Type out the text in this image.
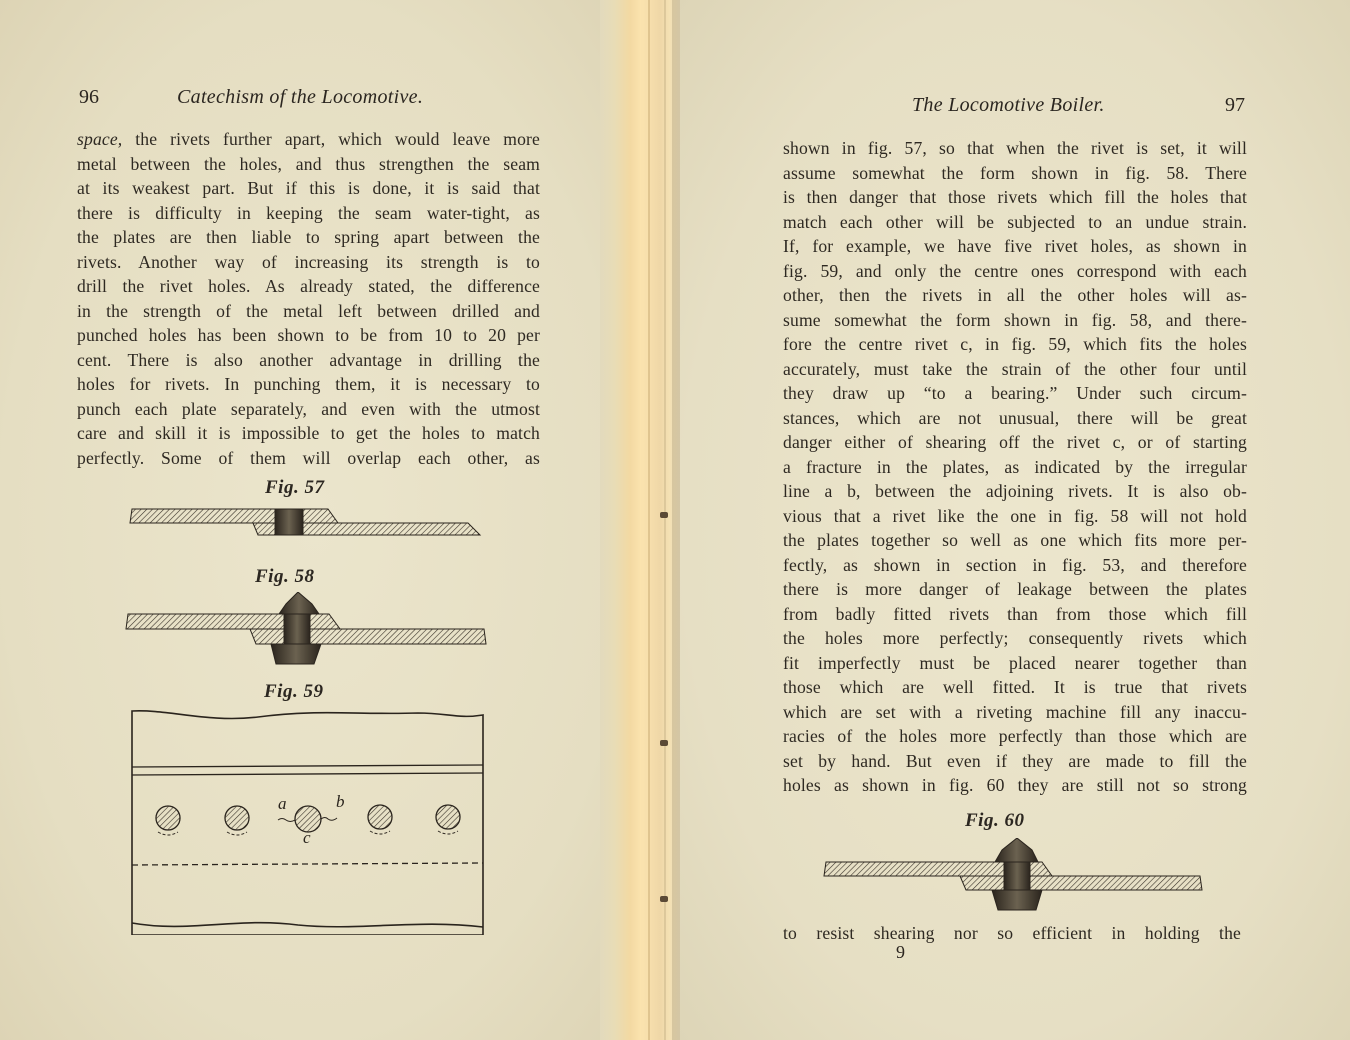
96	Catechism of the Locomotive.
space, the rivets further apart, which would leave more
metal between the holes, and thus strengthen the seam
at its weakest part. But if this is done, it is said that
there is difficulty in keeping the seam water-tight, as
the plates are then liable to spring apart between the
rivets. Another way of increasing its strength is to
drill the rivet holes. As already stated, the difference
in the strength of the metal left between drilled and
punched holes has been shown to be from 10 to 20 per
cent. There is also another advantage in drilling the
holes for rivets. In punching them, it is necessary to
punch each plate separately, and even with the utmost
care and skill it is impossible to get the holes to match
perfectly. Some of them will overlap each other, as
Fig. 57
Fig. 58
Fig. 59
a	b
c
The Locomotive Boiler.	97
shown in fig. 57, so that when the rivet is set, it will
assume somewhat the form shown in fig. 58. There
is then danger that those rivets which fill the holes that
match each other will be subjected to an undue strain.
If, for example, we have five rivet holes, as shown in
fig. 59, and only the centre ones correspond with each
other, then the rivets in all the other holes will as-
sume somewhat the form shown in fig. 58, and there-
fore the centre rivet c, in fig. 59, which fits the holes
accurately, must take the strain of the other four until
they draw up “to a bearing.” Under such circum-
stances, which are not unusual, there will be great
danger either of shearing off the rivet c, or of starting
a fracture in the plates, as indicated by the irregular
line a b, between the adjoining rivets. It is also ob-
vious that a rivet like the one in fig. 58 will not hold
the plates together so well as one which fits more per-
fectly, as shown in section in fig. 53, and therefore
there is more danger of leakage between the plates
from badly fitted rivets than from those which fill
the holes more perfectly; consequently rivets which
fit imperfectly must be placed nearer together than
those which are well fitted. It is true that rivets
which are set with a riveting machine fill any inaccu-
racies of the holes more perfectly than those which are
set by hand. But even if they are made to fill the
holes as shown in fig. 60 they are still not so strong
Fig. 60
to resist shearing nor so efficient in holding the
9
